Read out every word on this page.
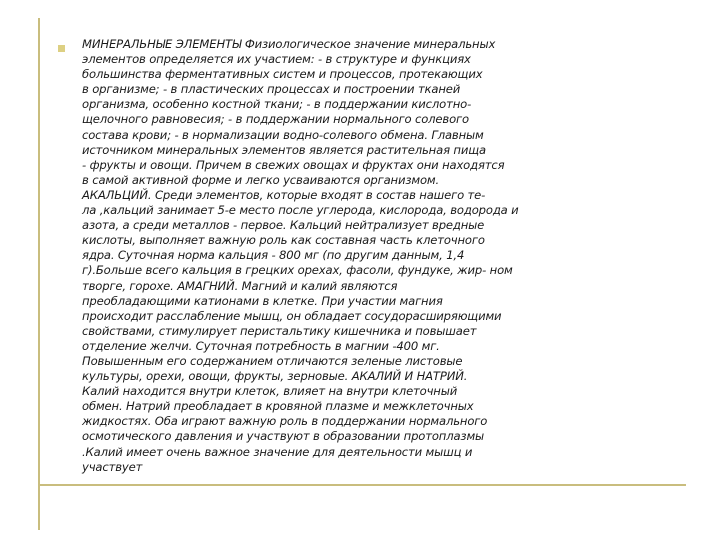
МИНЕРАЛЬНЫЕ ЭЛЕМЕНТЫ Физиологическое значение минеральных
элементов определяется их участием: - в структуре и функциях
большинства ферментативных систем и процессов, протекающих
в организме; - в пластических процессах и построении тканей
организма, особенно костной ткани; - в поддержании кислотно-
щелочного равновесия; - в поддержании нормального солевого
состава крови; - в нормализации водно-солевого обмена. Главным
источником минеральных элементов является растительная пища
- фрукты и овощи. Причем в свежих овощах и фруктах они находятся
в самой активной форме и легко усваиваются организмом.
АКАЛЬЦИЙ. Среди элементов, которые входят в состав нашего те-
ла ,кальций занимает 5-е место после углерода, кислорода, водорода и
азота, а среди металлов - первое. Кальций нейтрализует вредные
кислоты, выполняет важную роль как составная часть клеточного
ядра. Суточная норма кальция - 800 мг (по другим данным, 1,4
г).Больше всего кальция в грецких орехах, фасоли, фундуке, жир- ном
творге, горохе. АМАГНИЙ. Магний и калий являются
преобладающими катионами в клетке. При участии магния
происходит расслабление мышц, он обладает сосудорасширяющими
свойствами, стимулирует перистальтику кишечника и повышает
отделение желчи. Суточная потребность в магнии -400 мг.
Повышенным его содержанием отличаются зеленые листовые
культуры, орехи, овощи, фрукты, зерновые. АКАЛИЙ И НАТРИЙ.
Калий находится внутри клеток, влияет на внутри клеточный
обмен. Натрий преобладает в кровяной плазме и межклеточных
жидкостях. Оба играют важную роль в поддержании нормального
осмотического давления и участвуют в образовании протоплазмы
.Калий имеет очень важное значение для деятельности мышц и
участвует
